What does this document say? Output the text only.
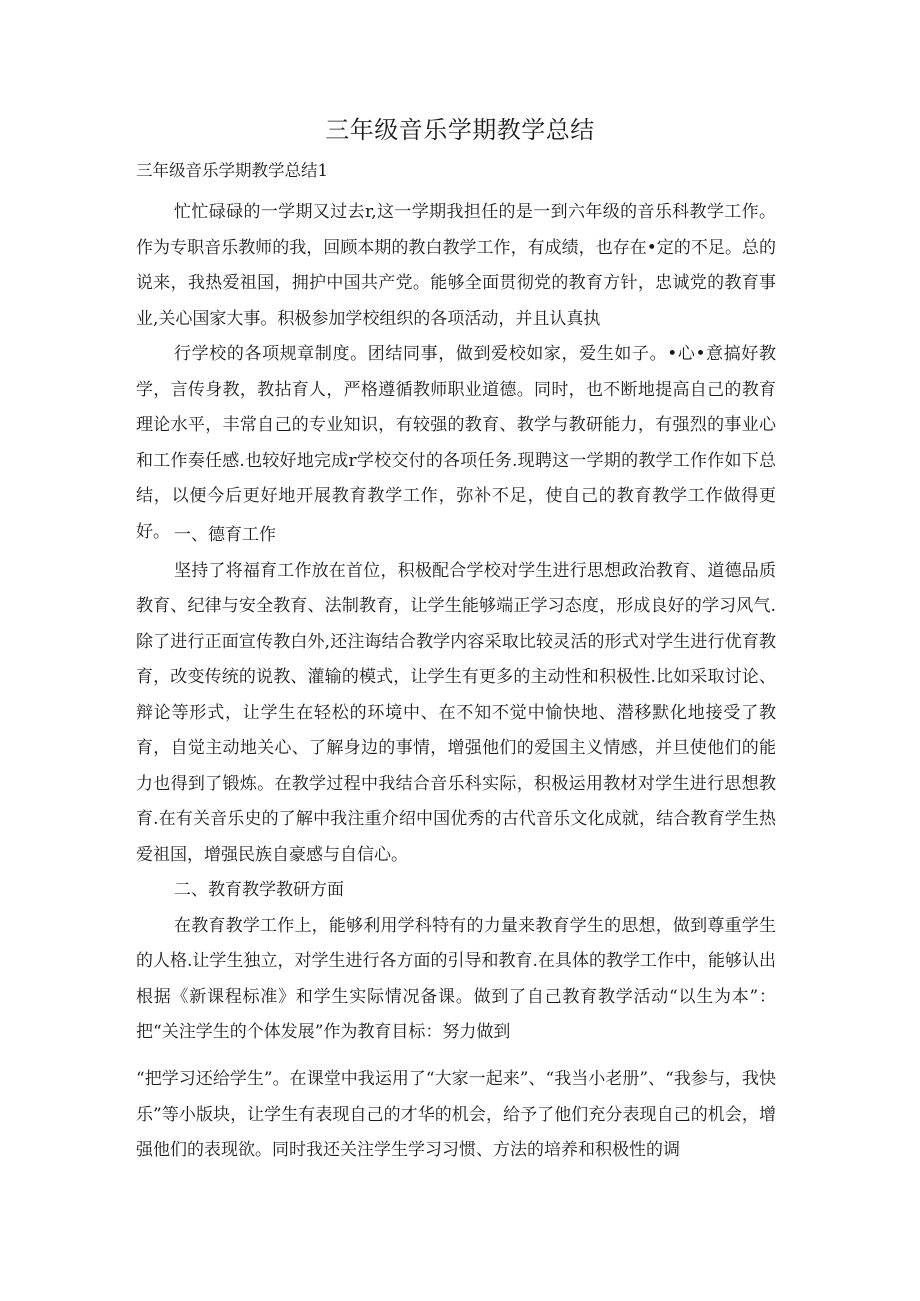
三年级音乐学期教学总结

三年级音乐学期教学总结1

忙忙碌碌的一学期又过去r,这一学期我担任的是一到六年级的音乐科教学工作。作为专职音乐教师的我，回顾本期的教白教学工作，有成绩，也存在•定的不足。总的说来，我热爱祖国，拥护中国共产党。能够全面贯彻党的教育方针，忠诚党的教育事业,关心国家大事。积极参加学校组织的各项活动，并且认真执

行学校的各项规章制度。团结同事，做到爱校如家，爱生如子。•心•意搞好教学，言传身教，教拈育人，严格遵循教师职业道德。同时，也不断地提高自己的教育理论水平，丰常自己的专业知识，有较强的教育、教学与教研能力，有强烈的事业心和工作奏任感.也较好地完成r学校交付的各项任务.现聘这一学期的教学工作作如下总结，以便今后更好地开展教育教学工作，弥补不足，使自己的教育教学工作做得更好。 一、德育工作

坚持了将福育工作放在首位，积极配合学校对学生进行思想政治教育、道德品质教育、纪律与安全教育、法制教育，让学生能够端正学习态度，形成良好的学习风气.除了进行正面宣传教白外,还注诲结合教学内容采取比较灵活的形式对学生进行优育教育，改变传统的说教、灌输的模式，让学生有更多的主动性和积极性.比如采取讨论、辩论等形式，让学生在轻松的环境中、在不知不觉中愉快地、潜移默化地接受了教育，自觉主动地关心、了解身边的事情，增强他们的爱国主义情感，并旦使他们的能力也得到了锻炼。在教学过程中我结合音乐科实际，积极运用教材对学生进行思想教育.在有关音乐史的了解中我注重介绍中国优秀的古代音乐文化成就，结合教育学生热爱祖国，增强民族自豪感与自信心。

二、教育教学教研方面

在教育教学工作上，能够利用学科特有的力量来教育学生的思想，做到尊重学生的人格.让学生独立，对学生进行各方面的引导和教育.在具体的教学工作中，能够认出根据《新课程标准》和学生实际情况备课。做到了自己教育教学活动“以生为本”：把“关注学生的个体发展”作为教育目标：努力做到

“把学习还给学生”。在课堂中我运用了“大家一起来”、“我当小老册”、“我参与，我快乐”等小版块，让学生有表现自己的才华的机会，给予了他们充分表现自己的机会，增强他们的表现欲。同时我还关注学生学习习惯、方法的培养和积极性的调
